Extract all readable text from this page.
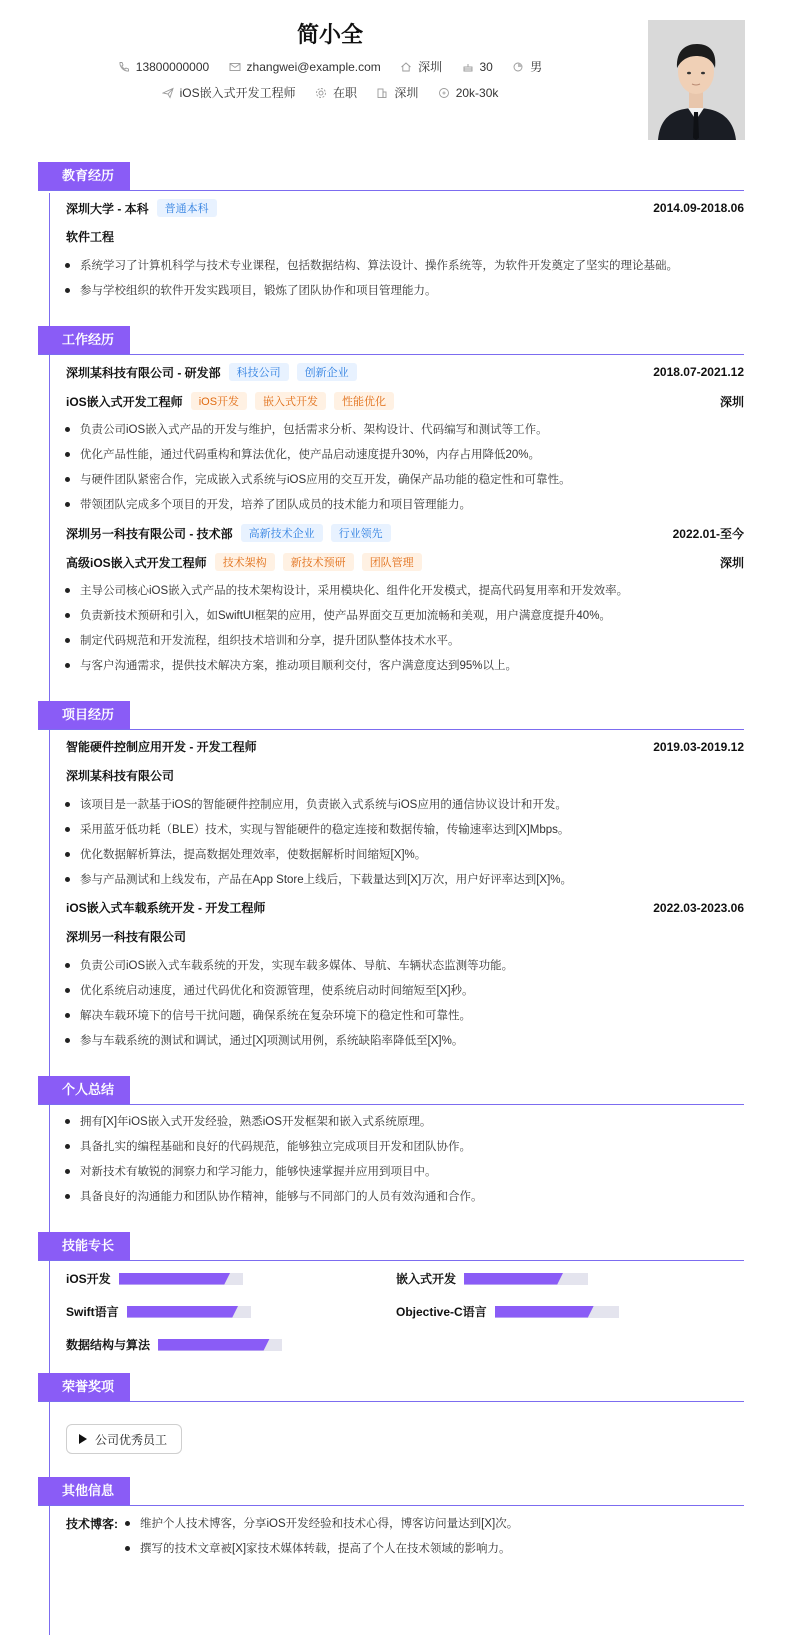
简小全
13800000000
	zhangwei@example.com
	深圳
	30
	男
iOS嵌入式开发工程师
	在职
	深圳
	20k-30k
教育经历
深圳大学 - 本科	普通本科	2014.09-2018.06
软件工程
系统学习了计算机科学与技术专业课程，包括数据结构、算法设计、操作系统等，为软件开发奠定了坚实的理论基础。
参与学校组织的软件开发实践项目，锻炼了团队协作和项目管理能力。
工作经历
深圳某科技有限公司 - 研发部	科技公司	创新企业	2018.07-2021.12
iOS嵌入式开发工程师	iOS开发	嵌入式开发	性能优化	深圳
负责公司iOS嵌入式产品的开发与维护，包括需求分析、架构设计、代码编写和测试等工作。
优化产品性能，通过代码重构和算法优化，使产品启动速度提升30%，内存占用降低20%。
与硬件团队紧密合作，完成嵌入式系统与iOS应用的交互开发，确保产品功能的稳定性和可靠性。
带领团队完成多个项目的开发，培养了团队成员的技术能力和项目管理能力。
深圳另一科技有限公司 - 技术部	高新技术企业	行业领先	2022.01-至今
高级iOS嵌入式开发工程师	技术架构	新技术预研	团队管理	深圳
主导公司核心iOS嵌入式产品的技术架构设计，采用模块化、组件化开发模式，提高代码复用率和开发效率。
负责新技术预研和引入，如SwiftUI框架的应用，使产品界面交互更加流畅和美观，用户满意度提升40%。
制定代码规范和开发流程，组织技术培训和分享，提升团队整体技术水平。
与客户沟通需求，提供技术解决方案，推动项目顺利交付，客户满意度达到95%以上。
项目经历
智能硬件控制应用开发 - 开发工程师	2019.03-2019.12
深圳某科技有限公司
该项目是一款基于iOS的智能硬件控制应用，负责嵌入式系统与iOS应用的通信协议设计和开发。
采用蓝牙低功耗（BLE）技术，实现与智能硬件的稳定连接和数据传输，传输速率达到[X]Mbps。
优化数据解析算法，提高数据处理效率，使数据解析时间缩短[X]%。
参与产品测试和上线发布，产品在App Store上线后，下载量达到[X]万次，用户好评率达到[X]%。
iOS嵌入式车载系统开发 - 开发工程师	2022.03-2023.06
深圳另一科技有限公司
负责公司iOS嵌入式车载系统的开发，实现车载多媒体、导航、车辆状态监测等功能。
优化系统启动速度，通过代码优化和资源管理，使系统启动时间缩短至[X]秒。
解决车载环境下的信号干扰问题，确保系统在复杂环境下的稳定性和可靠性。
参与车载系统的测试和调试，通过[X]项测试用例，系统缺陷率降低至[X]%。
个人总结
拥有[X]年iOS嵌入式开发经验，熟悉iOS开发框架和嵌入式系统原理。
具备扎实的编程基础和良好的代码规范，能够独立完成项目开发和团队协作。
对新技术有敏锐的洞察力和学习能力，能够快速掌握并应用到项目中。
具备良好的沟通能力和团队协作精神，能够与不同部门的人员有效沟通和合作。
技能专长
iOS开发	嵌入式开发
Swift语言	Objective-C语言
数据结构与算法
荣誉奖项
公司优秀员工
其他信息
技术博客: 维护个人技术博客，分享iOS开发经验和技术心得，博客访问量达到[X]次。
撰写的技术文章被[X]家技术媒体转载，提高了个人在技术领域的影响力。
